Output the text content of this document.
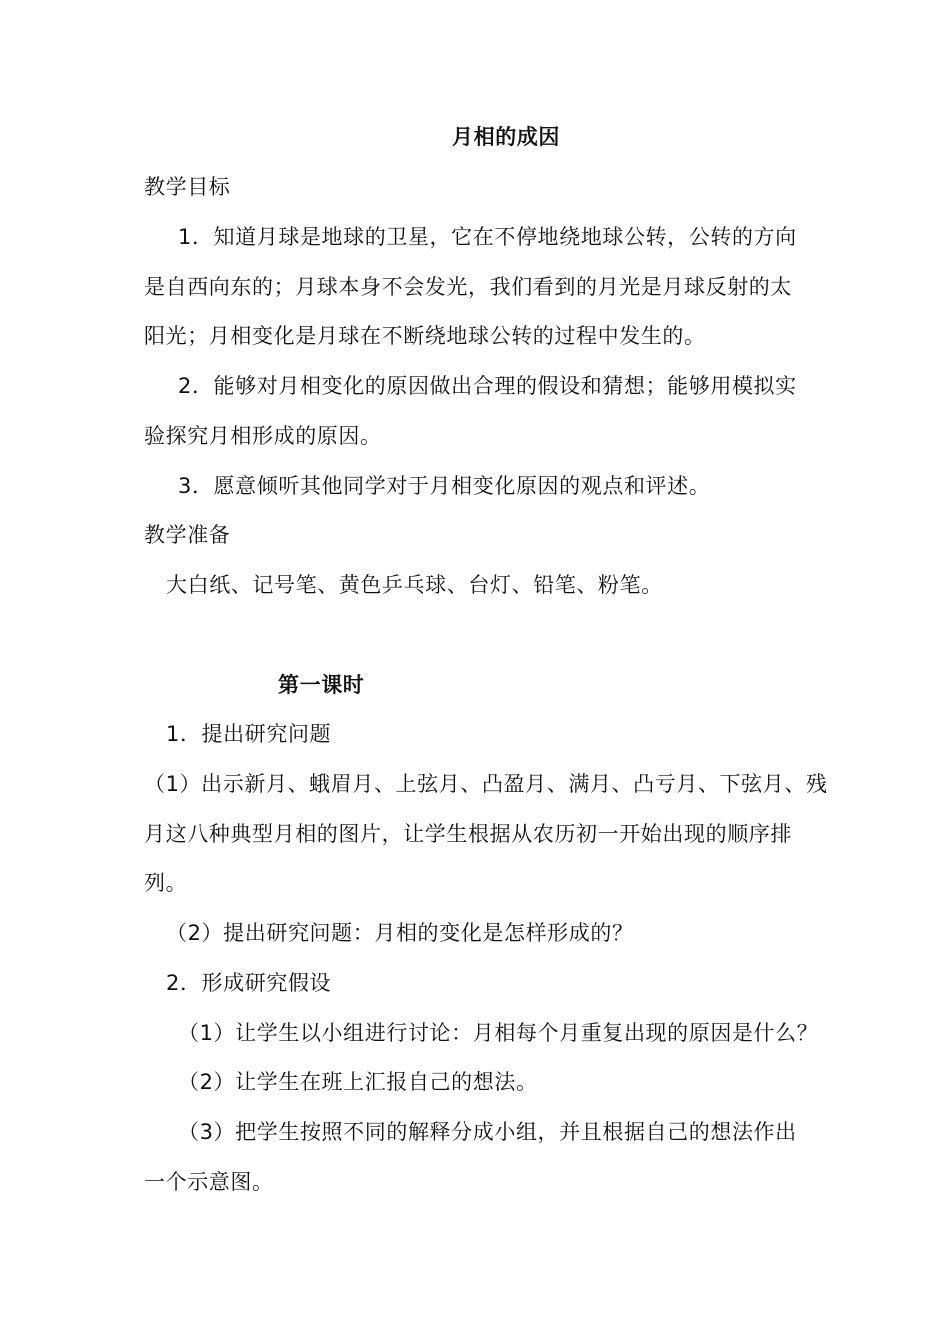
月相的成因
教学目标
1．知道月球是地球的卫星，它在不停地绕地球公转，公转的方向
是自西向东的；月球本身不会发光，我们看到的月光是月球反射的太
阳光；月相变化是月球在不断绕地球公转的过程中发生的。
2．能够对月相变化的原因做出合理的假设和猜想；能够用模拟实
验探究月相形成的原因。
3．愿意倾听其他同学对于月相变化原因的观点和评述。
教学准备
大白纸、记号笔、黄色乒乓球、台灯、铅笔、粉笔。
第一课时
1．提出研究问题
（1）出示新月、蛾眉月、上弦月、凸盈月、满月、凸亏月、下弦月、残
月这八种典型月相的图片，让学生根据从农历初一开始出现的顺序排
列。
（2）提出研究问题：月相的变化是怎样形成的？
2．形成研究假设
（1）让学生以小组进行讨论：月相每个月重复出现的原因是什么？
（2）让学生在班上汇报自己的想法。
（3）把学生按照不同的解释分成小组，并且根据自己的想法作出
一个示意图。
